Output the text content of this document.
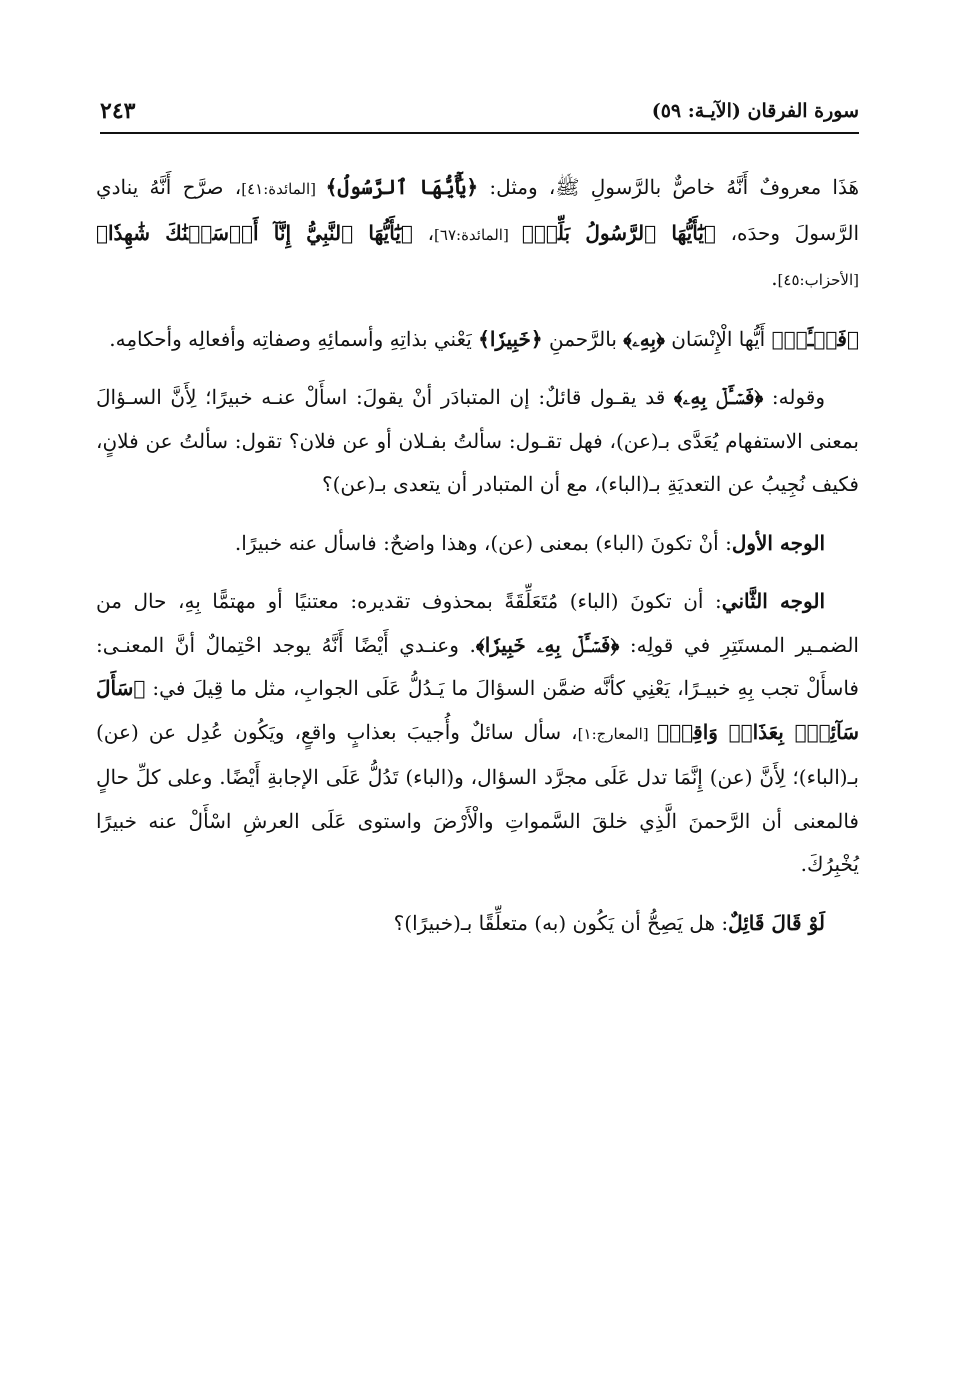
سورة الفرقان (الآيـة: ٥٩)
٢٤٣

هَذَا معروفٌ أَنَّهُ خاصٌّ بالرَّسولِ ﷺ، ومثل: ﴿يَٰٓأَيُّهَا ٱلرَّسُولُ﴾ [المائدة:٤١]، صرَّح أَنَّهُ ينادي الرَّسولَ وحدَه، ﴿يَٰٓأَيُّهَا ٱلرَّسُولُ بَلِّغۡ﴾ [المائدة:٦٧]، ﴿يَٰٓأَيُّهَا ٱلنَّبِيُّ إِنَّآ أَرۡسَلۡنَٰكَ شَٰهِدٗا﴾ [الأحزاب:٤٥].

﴿فَسۡـَٔلۡ﴾ أَيُّها الْإِنْسَان ﴿بِهِۦ﴾ بالرَّحمنِ ﴿خَبِيرٗا﴾ يَعْني بذاتِهِ وأسمائِهِ وصفاتِه وأفعالِه وأحكامِه.

وقوله: ﴿فَسۡـَٔلۡ بِهِۦ﴾ قد يقـول قائلٌ: إن المتبادَر أنْ يقولَ: اسأَلْ عنـه خبيرًا؛ لِأَنَّ السـؤالَ بمعنى الاستفهام يُعَدَّى بـ(عن)، فهل تقـول: سألتُ بفـلان أو عن فلان؟ تقول: سألتُ عن فلانٍ، فكيف نُجِيبُ عن التعديَةِ بـ(الباء)، مع أن المتبادر أن يتعدى بـ(عن)؟

الوجه الأول: أنْ تكونَ (الباء) بمعنى (عن)، وهذا واضحٌ: فاسأل عنه خبيرًا.

الوجه الثَّاني: أن تكونَ (الباء) مُتَعَلِّقَةً بمحذوف تقديره: معتنيًا أو مهتمًّا بِهِ، حال من الضمـير المستَتِرِ في قولِه: ﴿فَسۡـَٔلۡ بِهِۦ خَبِيرٗا﴾. وعنـدي أَيْضًا أَنَّهُ يوجد احْتِمالٌ أنَّ المعنـى: فاسأَلْ تجب بِهِ خبيـرًا، يَعْنِي كأنَّه ضمَّن السؤالَ ما يَـدُلُّ عَلَى الجوابِ، مثل ما قِيلَ في: ﴿سَأَلَ سَآئِلُۢ بِعَذَابٖ وَاقِعٖ﴾ [المعارج:١]، سأل سائلٌ وأُجيبَ بعذابٍ واقعٍ، ويَكُون عُدِل عن (عن) بـ(الباء)؛ لِأَنَّ (عن) إِنَّمَا تدل عَلَى مجرَّد السؤال، و(الباء) تَدُلُّ عَلَى الإجابةِ أَيْضًا. وعلى كلِّ حالٍ فالمعنى أن الرَّحمنَ الَّذِي خلقَ السَّمواتِ والْأَرْضَ واستوى عَلَى العرشِ اسْأَلْ عنه خبيرًا يُخْبِرُكَ.

لَوْ قَالَ قَائِلٌ: هل يَصِحُّ أن يَكُون (به) متعلِّقًا بـ(خبيرًا)؟
